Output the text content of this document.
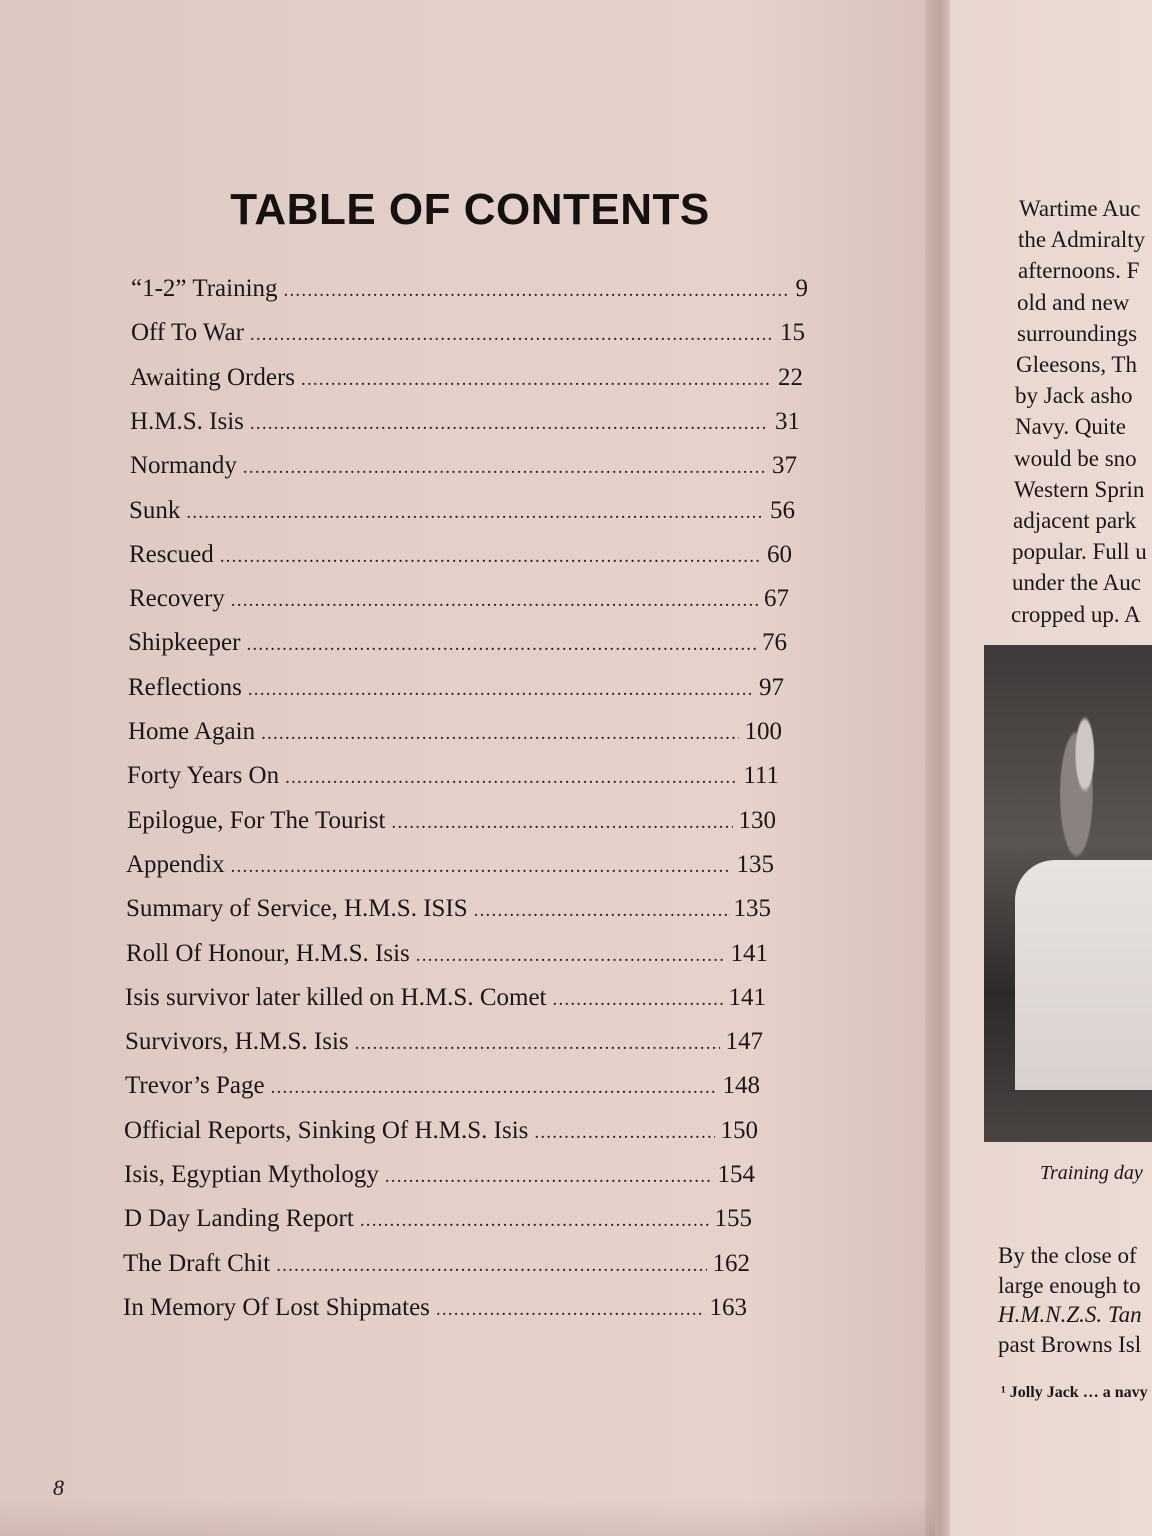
TABLE OF CONTENTS
“1-2” Training .....	9
Off To War .....	15
Awaiting Orders .....	22
H.M.S. Isis .....	31
Normandy .....	37
Sunk .....	56
Rescued .....	60
Recovery .....	67
Shipkeeper .....	76
Reflections .....	97
Home Again .....	100
Forty Years On .....	111
Epilogue, For The Tourist .....	130
Appendix .....	135
Summary of Service, H.M.S. ISIS .....	135
Roll Of Honour, H.M.S. Isis .....	141
Isis survivor later killed on H.M.S. Comet .....	141
Survivors, H.M.S. Isis .....	147
Trevor’s Page .....	148
Official Reports, Sinking Of H.M.S. Isis .....	150
Isis, Egyptian Mythology .....	154
D Day Landing Report .....	155
The Draft Chit .....	162
In Memory Of Lost Shipmates .....	163
8
Wartime Auc
the Admiralty
afternoons. F
old and new
surroundings
Gleesons, Th
by Jack asho
Navy. Quite
would be sno
Western Sprin
adjacent park
popular. Full u
under the Auc
cropped up. A
Training day
By the close of
large enough to
H.M.N.Z.S. Tan
past Browns Isl
¹ Jolly Jack … a navy
